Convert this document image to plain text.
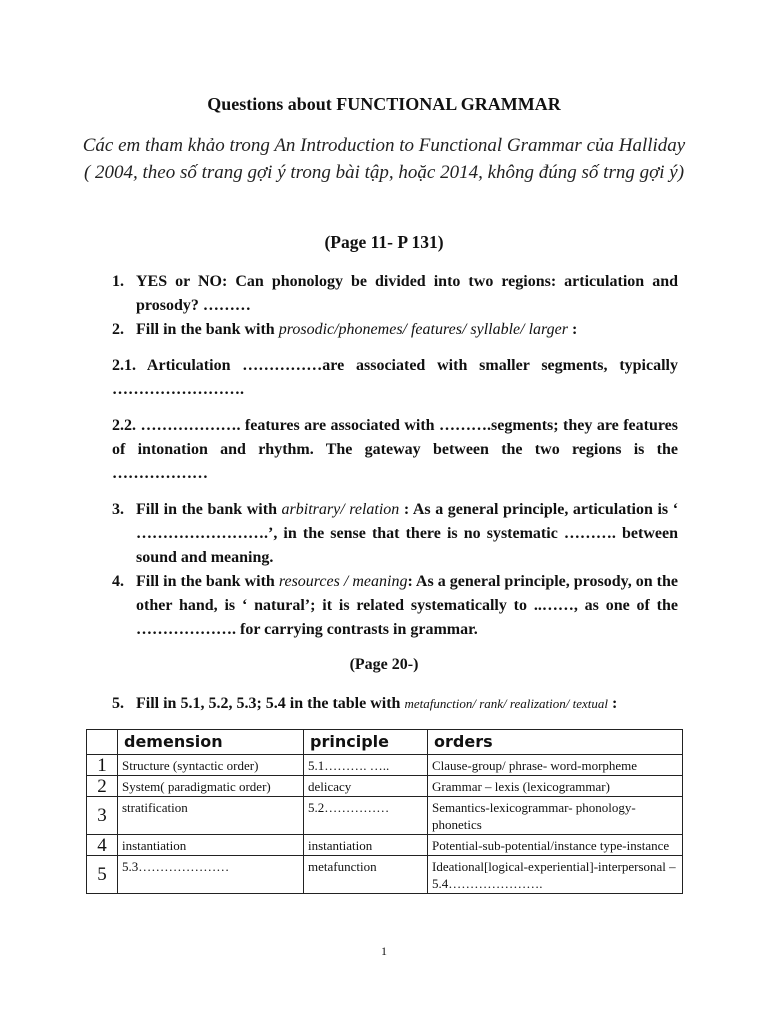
Questions about FUNCTIONAL GRAMMAR
Các em tham khảo trong An Introduction to Functional Grammar của Halliday ( 2004, theo số trang gợi ý trong bài tập, hoặc 2014, không đúng số trng gợi ý)
(Page 11- P 131)
1. YES or NO: Can phonology be divided into two regions: articulation and prosody? ………
2. Fill in the bank with prosodic/phonemes/ features/ syllable/ larger :
2.1. Articulation ……………are associated with smaller segments, typically …………………….
2.2. ………………. features are associated with ……….segments; they are features of intonation and rhythm. The gateway between the two regions is the ………………
3. Fill in the bank with arbitrary/ relation : As a general principle, articulation is ‘ …………………….’, in the sense that there is no systematic ………. between sound and meaning.
4. Fill in the bank with resources / meaning: As a general principle, prosody, on the other hand, is ‘ natural’; it is related systematically to ..……, as one of the ………………. for carrying contrasts in grammar.
(Page 20-)
5. Fill in 5.1, 5.2, 5.3; 5.4 in the table with metafunction/ rank/ realization/ textual :
	demension	principle	orders
1	Structure (syntactic order)	5.1………. …..	Clause-group/ phrase- word-morpheme
2	System( paradigmatic order)	delicacy	Grammar – lexis (lexicogrammar)
3	stratification	5.2……………	Semantics-lexicogrammar- phonology-phonetics
4	instantiation	instantiation	Potential-sub-potential/instance type-instance
5	5.3…………………	metafunction	Ideational[logical-experiential]-interpersonal – 5.4………………….
1
